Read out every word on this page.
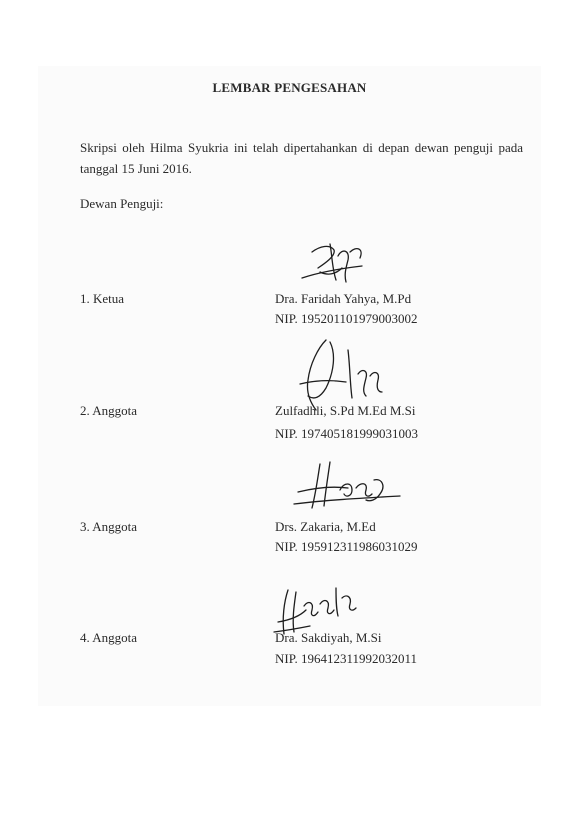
LEMBAR PENGESAHAN
Skripsi oleh Hilma Syukria ini telah dipertahankan di depan dewan penguji pada
tanggal 15 Juni 2016.
Dewan Penguji:
1. Ketua	Dra. Faridah Yahya, M.Pd
NIP. 195201101979003002
2. Anggota	Zulfadhli, S.Pd M.Ed M.Si
NIP. 197405181999031003
3. Anggota	Drs. Zakaria, M.Ed
NIP. 195912311986031029
4. Anggota	Dra. Sakdiyah, M.Si
NIP. 196412311992032011
